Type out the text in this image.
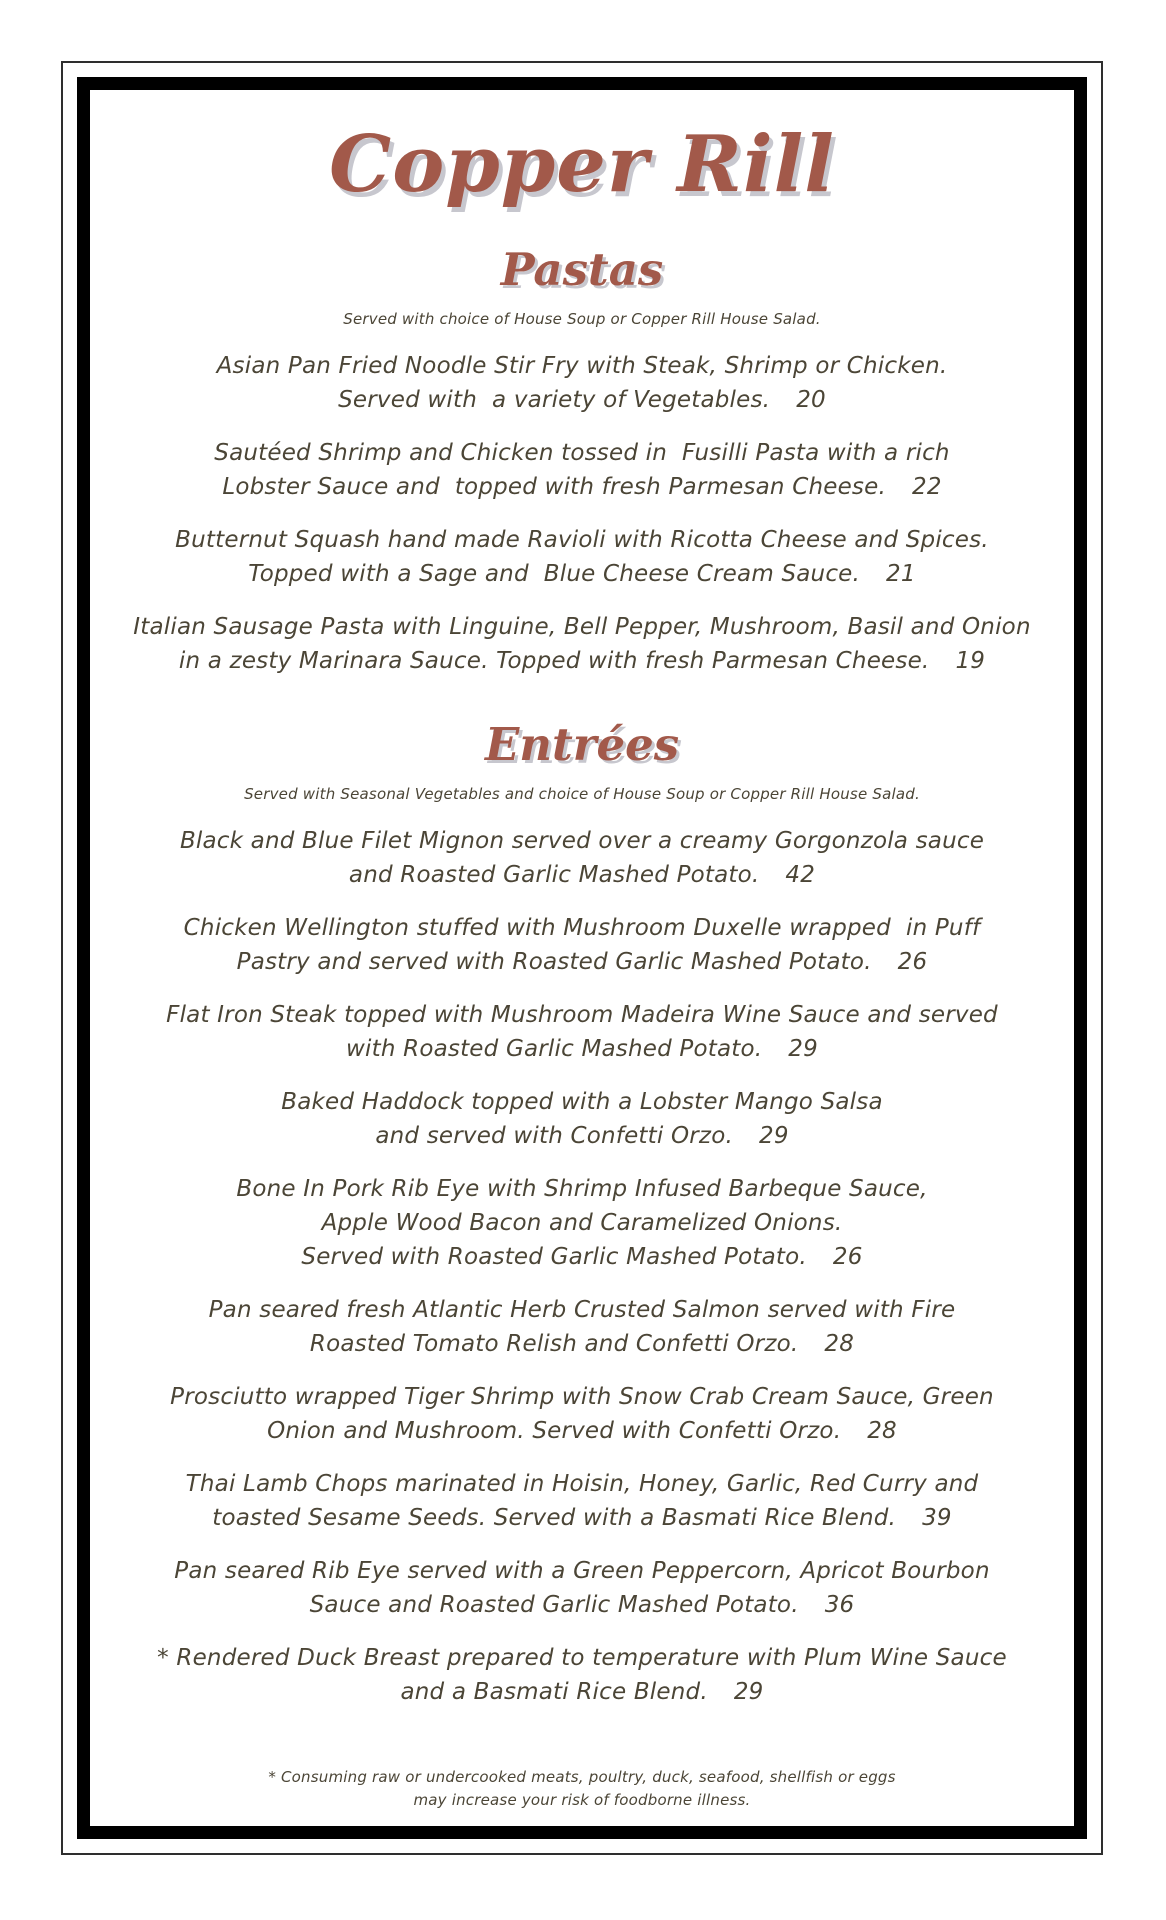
Copper Rill
Pastas
Served with choice of House Soup or Copper Rill House Salad.
Asian Pan Fried Noodle Stir Fry with Steak, Shrimp or Chicken.
Served with  a variety of Vegetables. 20
Sautéed Shrimp and Chicken tossed in  Fusilli Pasta with a rich
Lobster Sauce and  topped with fresh Parmesan Cheese. 22
Butternut Squash hand made Ravioli with Ricotta Cheese and Spices.
Topped with a Sage and  Blue Cheese Cream Sauce. 21
Italian Sausage Pasta with Linguine, Bell Pepper, Mushroom, Basil and Onion
in a zesty Marinara Sauce. Topped with fresh Parmesan Cheese. 19
Entrées
Served with Seasonal Vegetables and choice of House Soup or Copper Rill House Salad.
Black and Blue Filet Mignon served over a creamy Gorgonzola sauce
and Roasted Garlic Mashed Potato. 42
Chicken Wellington stuffed with Mushroom Duxelle wrapped  in Puff
Pastry and served with Roasted Garlic Mashed Potato. 26
Flat Iron Steak topped with Mushroom Madeira Wine Sauce and served
with Roasted Garlic Mashed Potato. 29
Baked Haddock topped with a Lobster Mango Salsa
and served with Confetti Orzo. 29
Bone In Pork Rib Eye with Shrimp Infused Barbeque Sauce,
Apple Wood Bacon and Caramelized Onions.
Served with Roasted Garlic Mashed Potato. 26
Pan seared fresh Atlantic Herb Crusted Salmon served with Fire
Roasted Tomato Relish and Confetti Orzo. 28
Prosciutto wrapped Tiger Shrimp with Snow Crab Cream Sauce, Green
Onion and Mushroom. Served with Confetti Orzo. 28
Thai Lamb Chops marinated in Hoisin, Honey, Garlic, Red Curry and
toasted Sesame Seeds. Served with a Basmati Rice Blend. 39
Pan seared Rib Eye served with a Green Peppercorn, Apricot Bourbon
Sauce and Roasted Garlic Mashed Potato. 36
* Rendered Duck Breast prepared to temperature with Plum Wine Sauce
and a Basmati Rice Blend. 29
* Consuming raw or undercooked meats, poultry, duck, seafood, shellfish or eggs
may increase your risk of foodborne illness.
